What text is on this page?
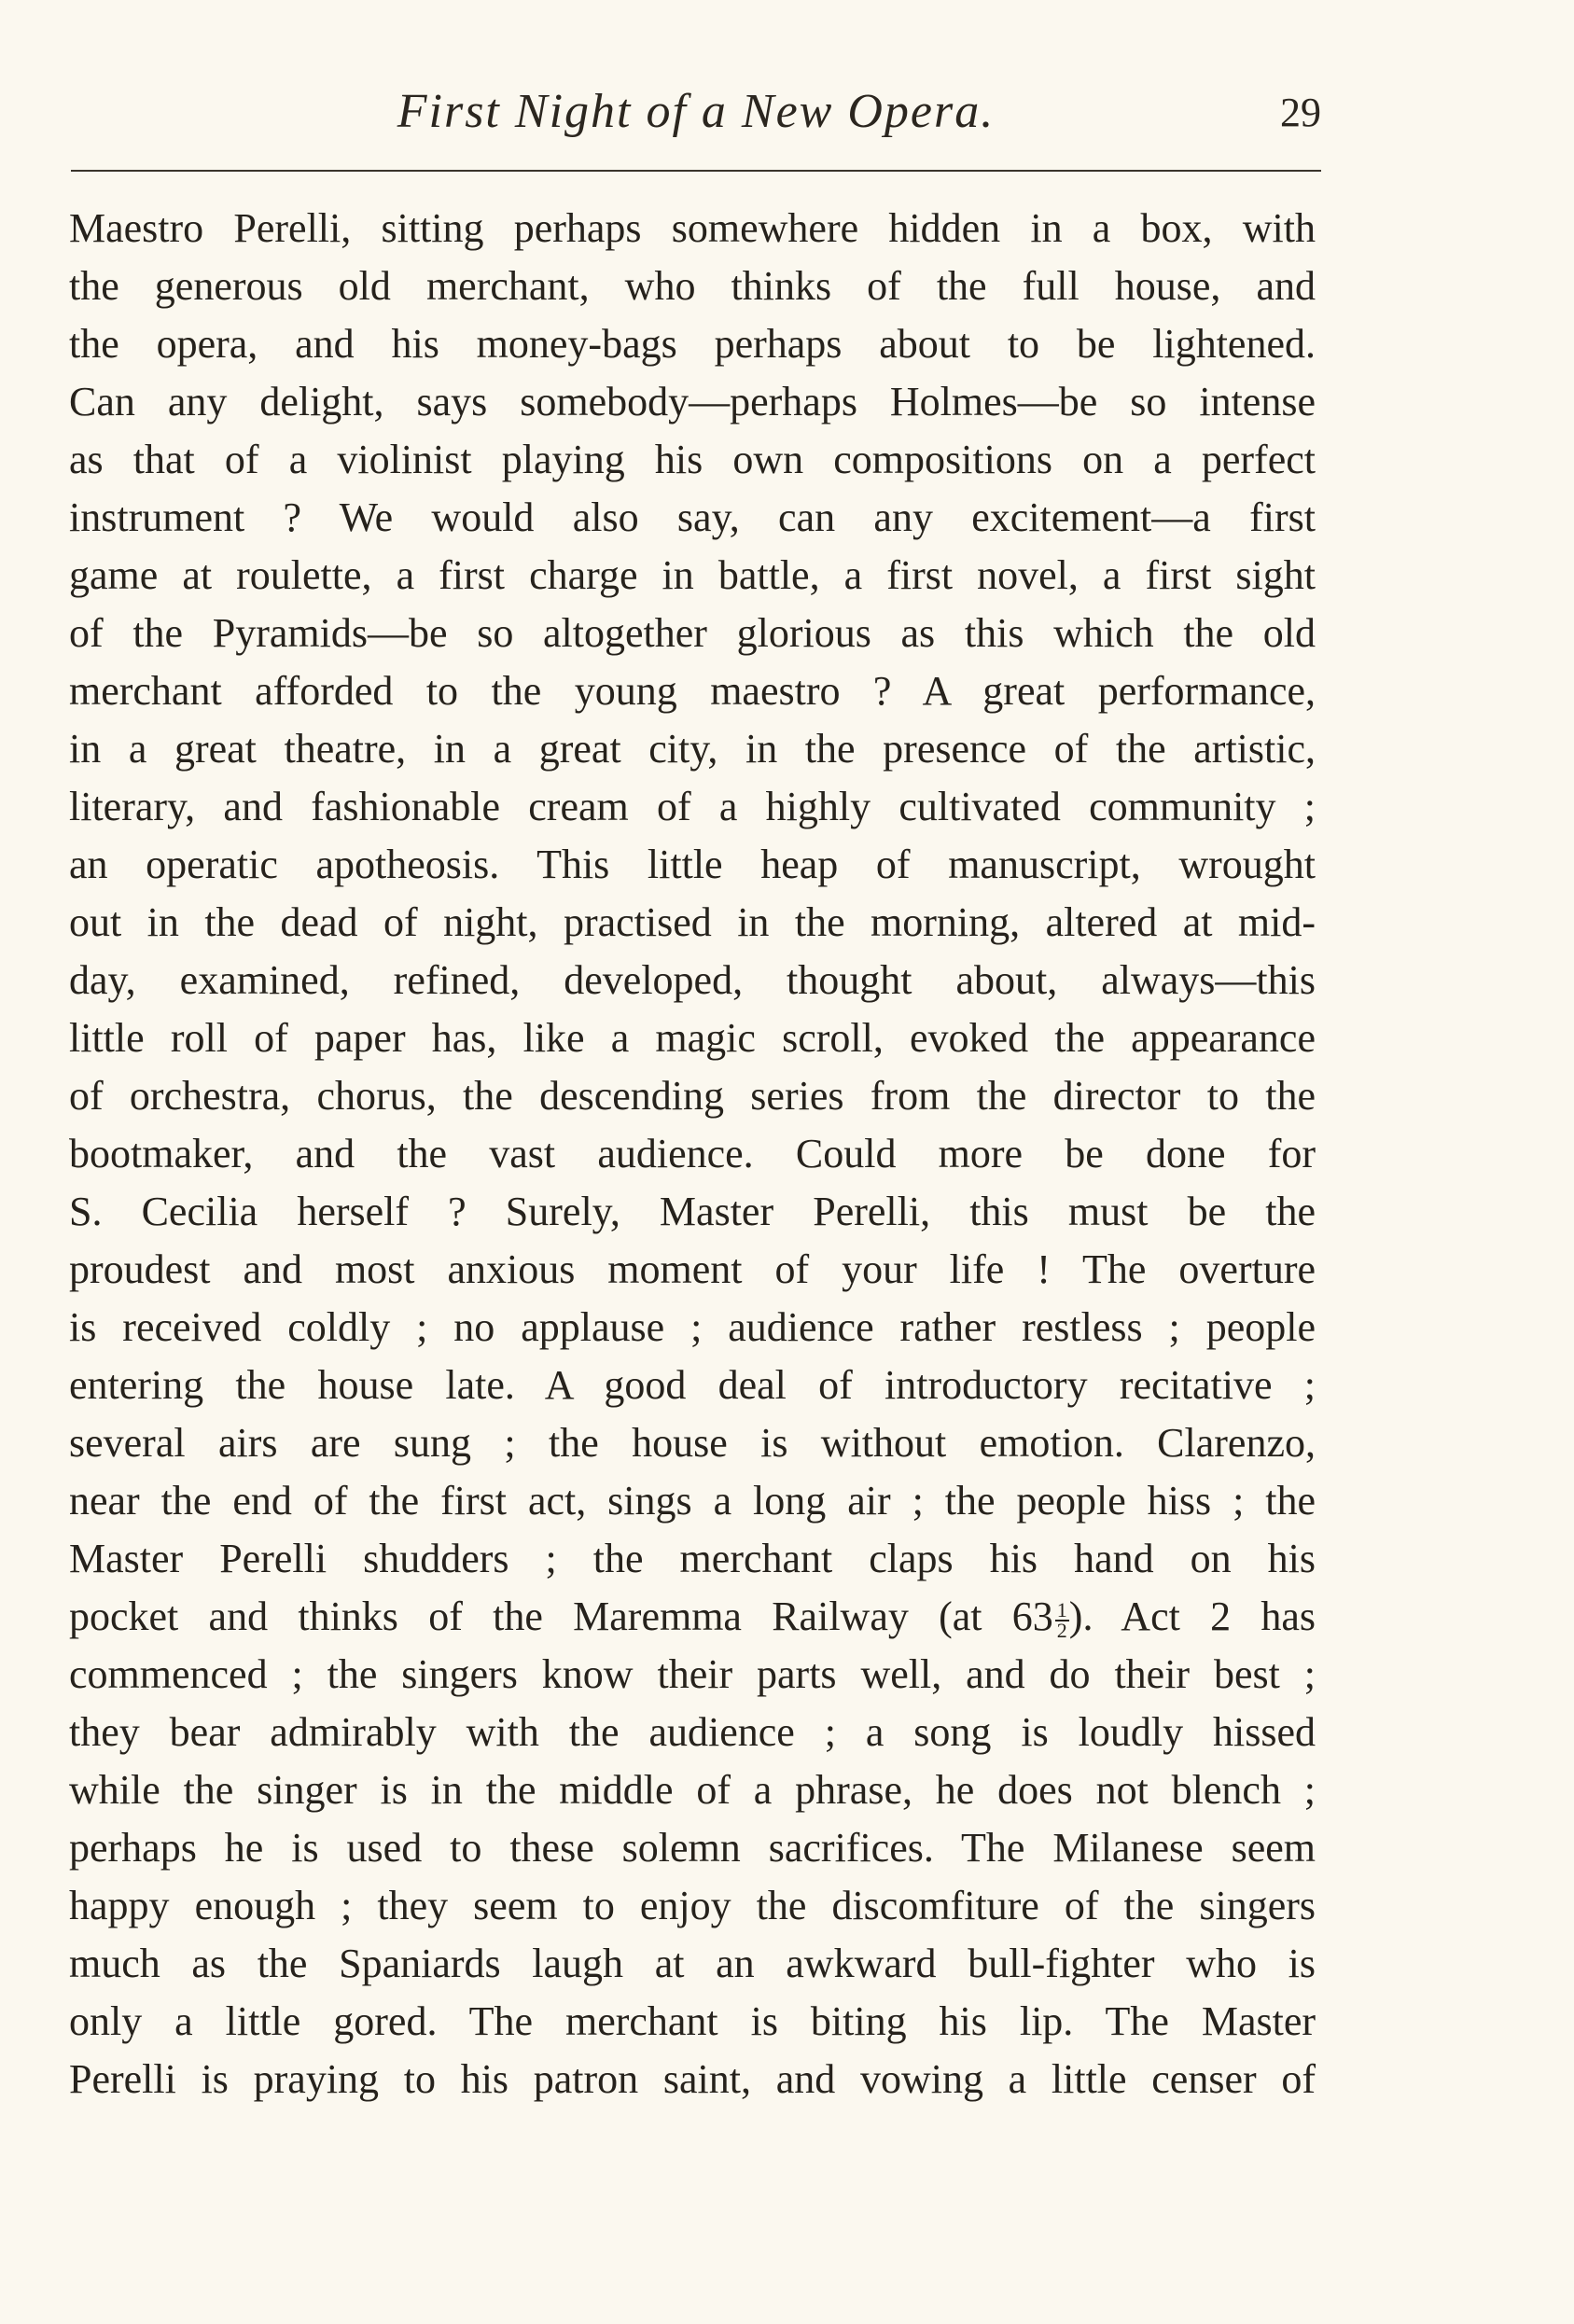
First Night of a New Opera.	29
Maestro Perelli, sitting perhaps somewhere hidden in a box, with
the generous old merchant, who thinks of the full house, and
the opera, and his money-bags perhaps about to be lightened.
Can any delight, says somebody—perhaps Holmes—be so intense
as that of a violinist playing his own compositions on a perfect
instrument ? We would also say, can any excitement—a first
game at roulette, a first charge in battle, a first novel, a first sight
of the Pyramids—be so altogether glorious as this which the old
merchant afforded to the young maestro ? A great performance,
in a great theatre, in a great city, in the presence of the artistic,
literary, and fashionable cream of a highly cultivated community ;
an operatic apotheosis. This little heap of manuscript, wrought
out in the dead of night, practised in the morning, altered at mid-
day, examined, refined, developed, thought about, always—this
little roll of paper has, like a magic scroll, evoked the appearance
of orchestra, chorus, the descending series from the director to the
bootmaker, and the vast audience. Could more be done for
S. Cecilia herself ? Surely, Master Perelli, this must be the
proudest and most anxious moment of your life ! The overture
is received coldly ; no applause ; audience rather restless ; people
entering the house late. A good deal of introductory recitative ;
several airs are sung ; the house is without emotion. Clarenzo,
near the end of the first act, sings a long air ; the people hiss ; the
Master Perelli shudders ; the merchant claps his hand on his
pocket and thinks of the Maremma Railway (at $63 \frac{1}{2}$ ). Act 2 has
commenced ; the singers know their parts well, and do their best ;
they bear admirably with the audience ; a song is loudly hissed
while the singer is in the middle of a phrase, he does not blench ;
perhaps he is used to these solemn sacrifices. The Milanese seem
happy enough ; they seem to enjoy the discomfiture of the singers
much as the Spaniards laugh at an awkward bull-fighter who is
only a little gored. The merchant is biting his lip. The Master
Perelli is praying to his patron saint, and vowing a little censer of
